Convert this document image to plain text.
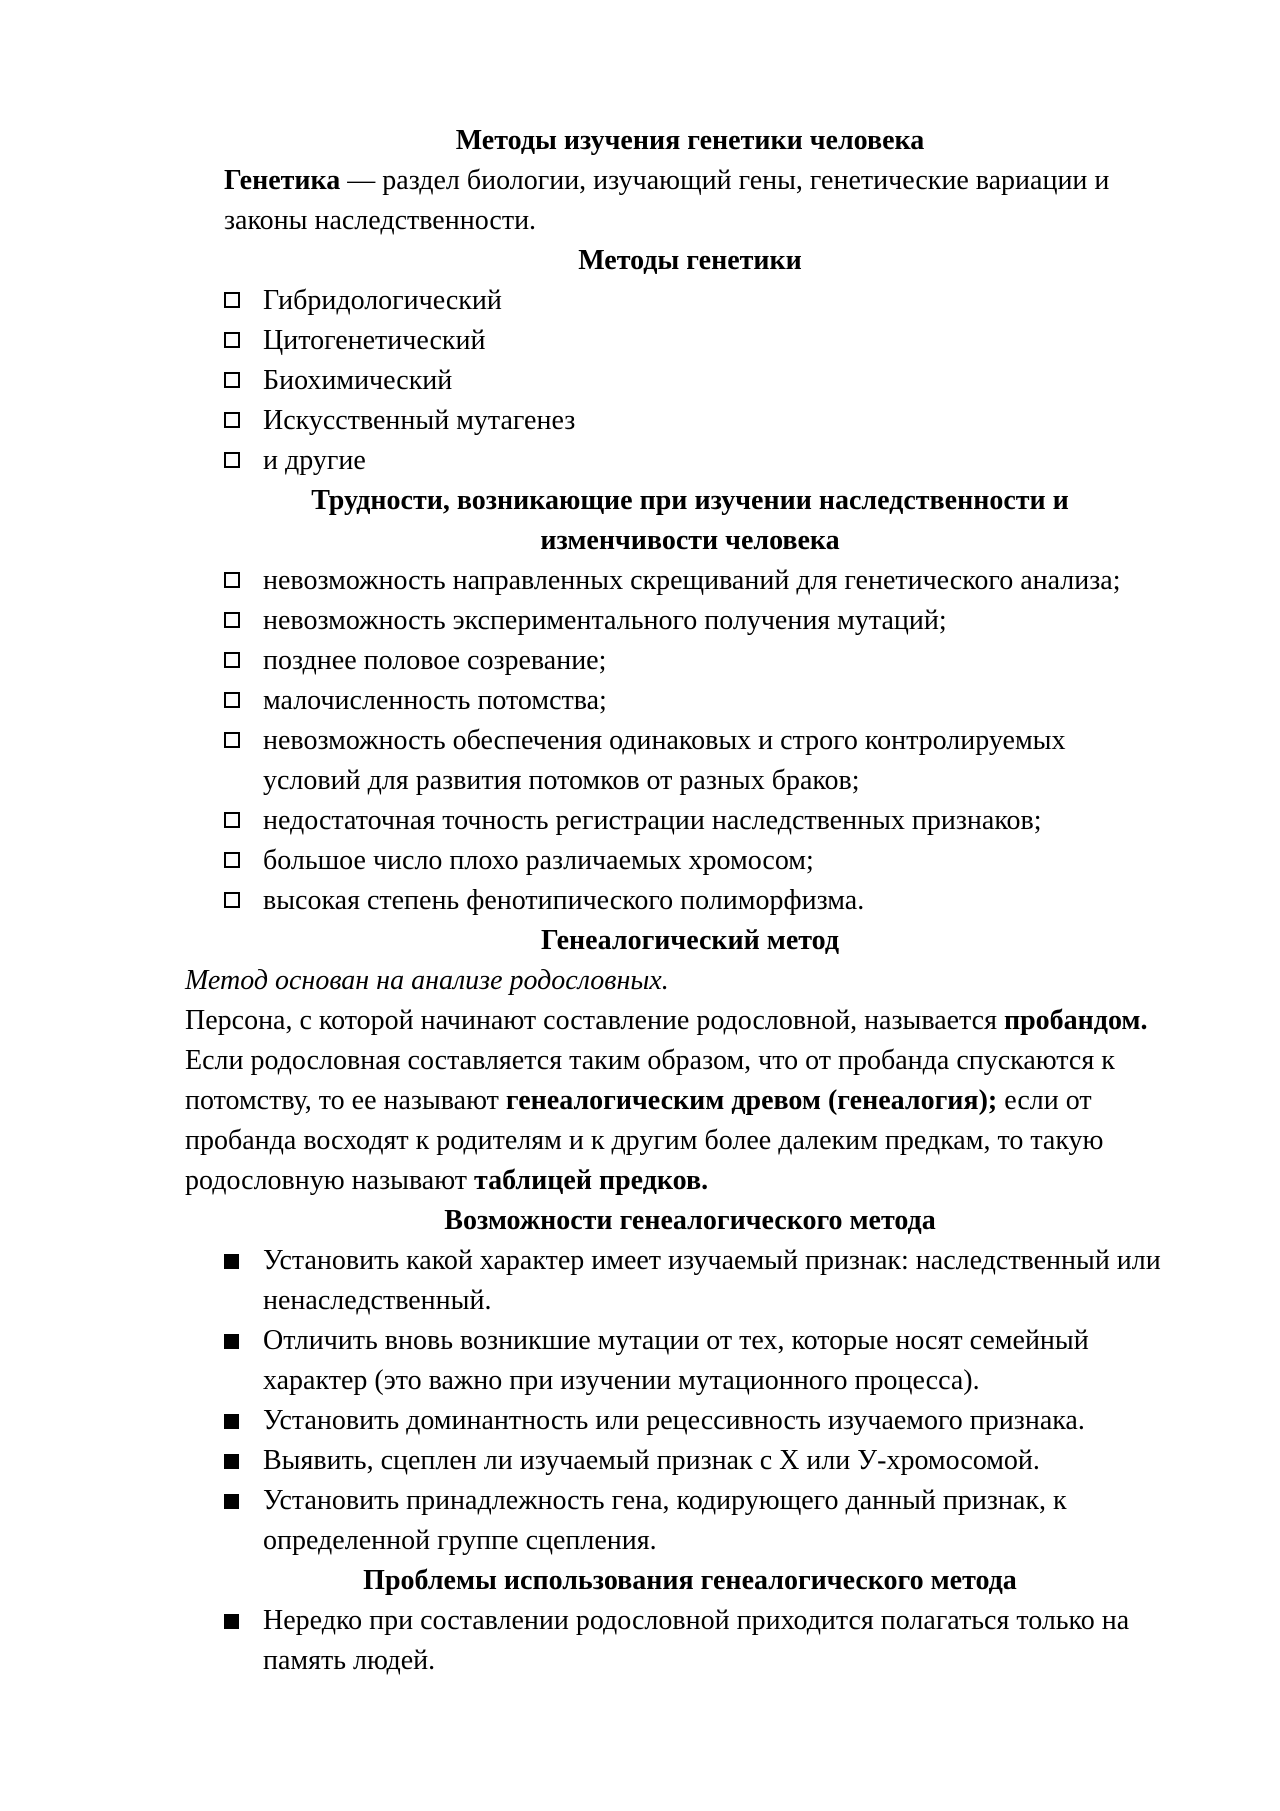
Методы изучения генетики человека

Генетика — раздел биологии, изучающий гены, генетические вариации и законы наследственности.

Методы генетики

Гибридологический
Цитогенетический
Биохимический
Искусственный мутагенез
и другие

Трудности, возникающие при изучении наследственности и изменчивости человека

невозможность направленных скрещиваний для генетического анализа;
невозможность экспериментального получения мутаций;
позднее половое созревание;
малочисленность потомства;
невозможность обеспечения одинаковых и строго контролируемых условий для развития потомков от разных браков;
недостаточная точность регистрации наследственных признаков;
большое число плохо различаемых хромосом;
высокая степень фенотипического полиморфизма.

Генеалогический метод

Метод основан на анализе родословных.

Персона, с которой начинают составление родословной, называется пробандом. Если родословная составляется таким образом, что от пробанда спускаются к потомству, то ее называют генеалогическим древом (генеалогия); если от пробанда восходят к родителям и к другим более далеким предкам, то такую родословную называют таблицей предков.

Возможности генеалогического метода

Установить какой характер имеет изучаемый признак: наследственный или ненаследственный.
Отличить вновь возникшие мутации от тех, которые носят семейный характер (это важно при изучении мутационного процесса).
Установить доминантность или рецессивность изучаемого признака.
Выявить, сцеплен ли изучаемый признак с Х или У-хромосомой.
Установить принадлежность гена, кодирующего данный признак, к определенной группе сцепления.

Проблемы использования генеалогического метода

Нередко при составлении родословной приходится полагаться только на память людей.
